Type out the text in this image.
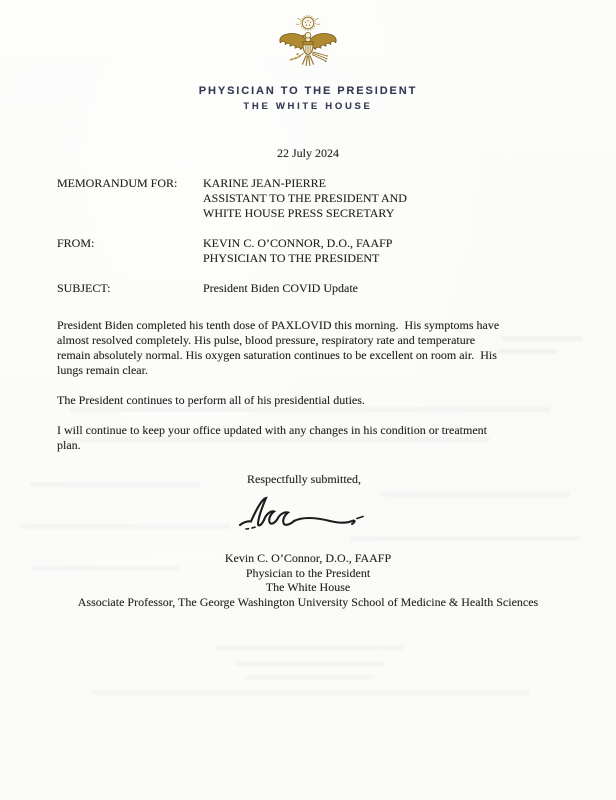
PHYSICIAN TO THE PRESIDENT
THE WHITE HOUSE
22 July 2024
MEMORANDUM FOR:	KARINE JEAN-PIERRE
ASSISTANT TO THE PRESIDENT AND
WHITE HOUSE PRESS SECRETARY
FROM:	KEVIN C. O’CONNOR, D.O., FAAFP
PHYSICIAN TO THE PRESIDENT
SUBJECT:	President Biden COVID Update

President Biden completed his tenth dose of PAXLOVID this morning.  His symptoms have almost resolved completely. His pulse, blood pressure, respiratory rate and temperature remain absolutely normal. His oxygen saturation continues to be excellent on room air.  His lungs remain clear.

The President continues to perform all of his presidential duties.

I will continue to keep your office updated with any changes in his condition or treatment plan.

Respectfully submitted,
Kevin C. O’Connor, D.O., FAAFP
Physician to the President
The White House
Associate Professor, The George Washington University School of Medicine & Health Sciences
